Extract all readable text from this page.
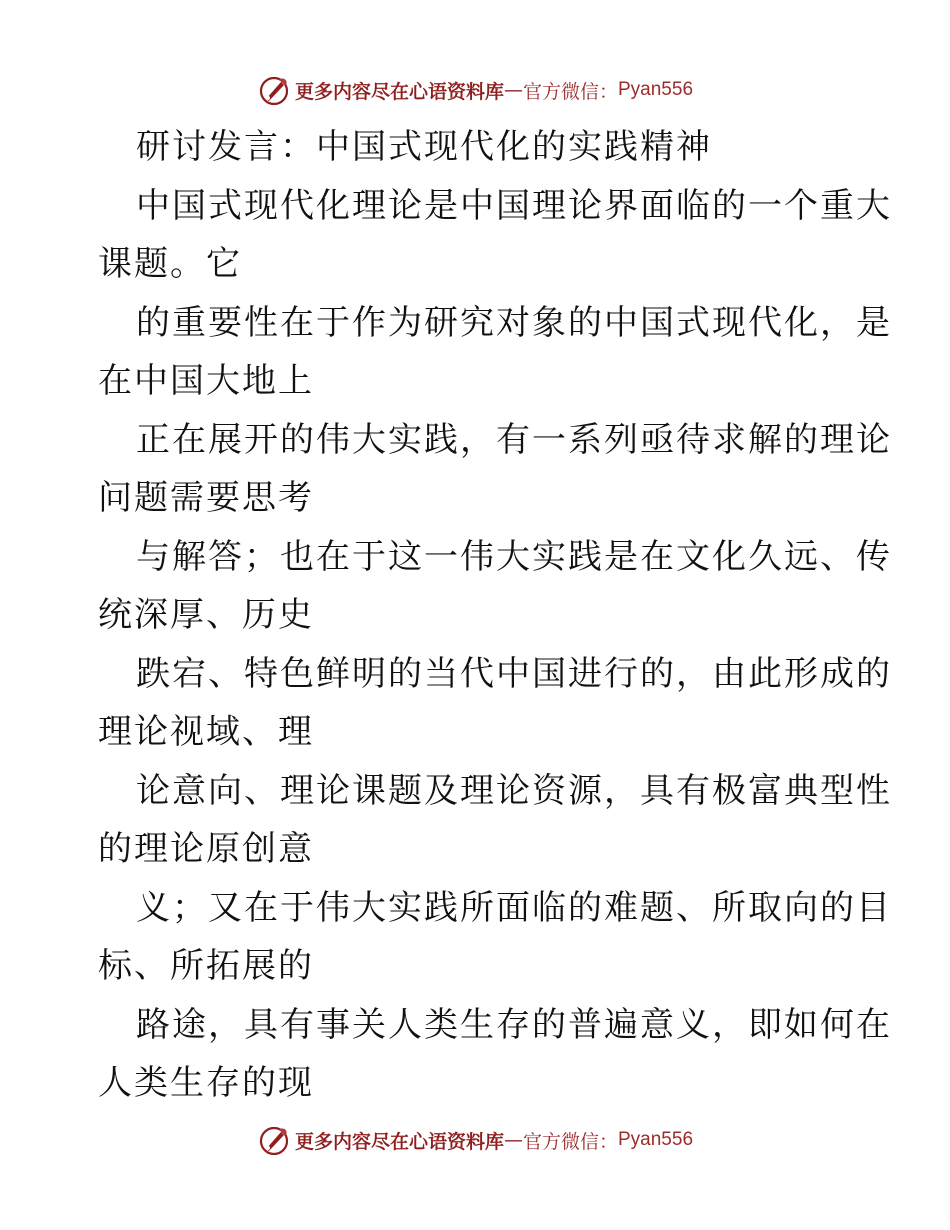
更多内容尽在心语资料库 — 官方微信： Pyan556
研讨发言：中国式现代化的实践精神
中国式现代化理论是中国理论界面临的一个重大
课题。它
的重要性在于作为研究对象的中国式现代化，是
在中国大地上
正在展开的伟大实践，有一系列亟待求解的理论
问题需要思考
与解答；也在于这一伟大实践是在文化久远、传
统深厚、历史
跌宕、特色鲜明的当代中国进行的，由此形成的
理论视域、理
论意向、理论课题及理论资源，具有极富典型性
的理论原创意
义；又在于伟大实践所面临的难题、所取向的目
标、所拓展的
路途，具有事关人类生存的普遍意义，即如何在
人类生存的现
更多内容尽在心语资料库 — 官方微信： Pyan556
